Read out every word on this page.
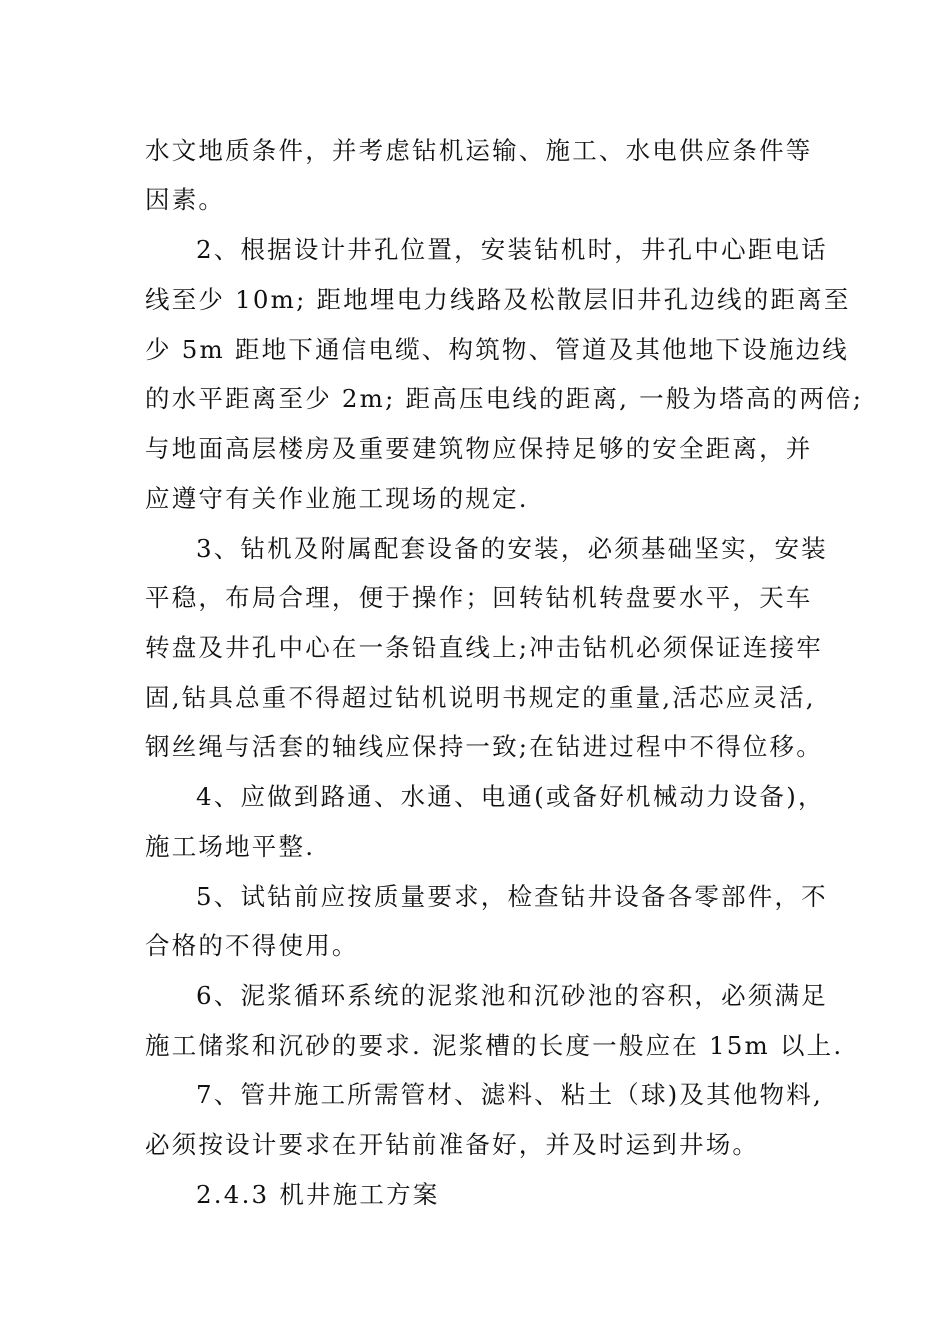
水文地质条件，并考虑钻机运输、施工、水电供应条件等
因素。
2、根据设计井孔位置，安装钻机时，井孔中心距电话
线至少 10m; 距地埋电力线路及松散层旧井孔边线的距离至
少 5m 距地下通信电缆、构筑物、管道及其他地下设施边线
的水平距离至少 2m; 距高压电线的距离, 一般为塔高的两倍;
与地面高层楼房及重要建筑物应保持足够的安全距离，并
应遵守有关作业施工现场的规定.
3、钻机及附属配套设备的安装，必须基础坚实，安装
平稳，布局合理，便于操作；回转钻机转盘要水平，天车
转盘及井孔中心在一条铅直线上;冲击钻机必须保证连接牢
固,钻具总重不得超过钻机说明书规定的重量,活芯应灵活,
钢丝绳与活套的轴线应保持一致;在钻进过程中不得位移。
4、应做到路通、水通、电通(或备好机械动力设备)，
施工场地平整.
5、试钻前应按质量要求，检查钻井设备各零部件，不
合格的不得使用。
6、泥浆循环系统的泥浆池和沉砂池的容积，必须满足
施工储浆和沉砂的要求. 泥浆槽的长度一般应在 15m 以上.
7、管井施工所需管材、滤料、粘土（球)及其他物料,
必须按设计要求在开钻前准备好，并及时运到井场。
2.4.3 机井施工方案
